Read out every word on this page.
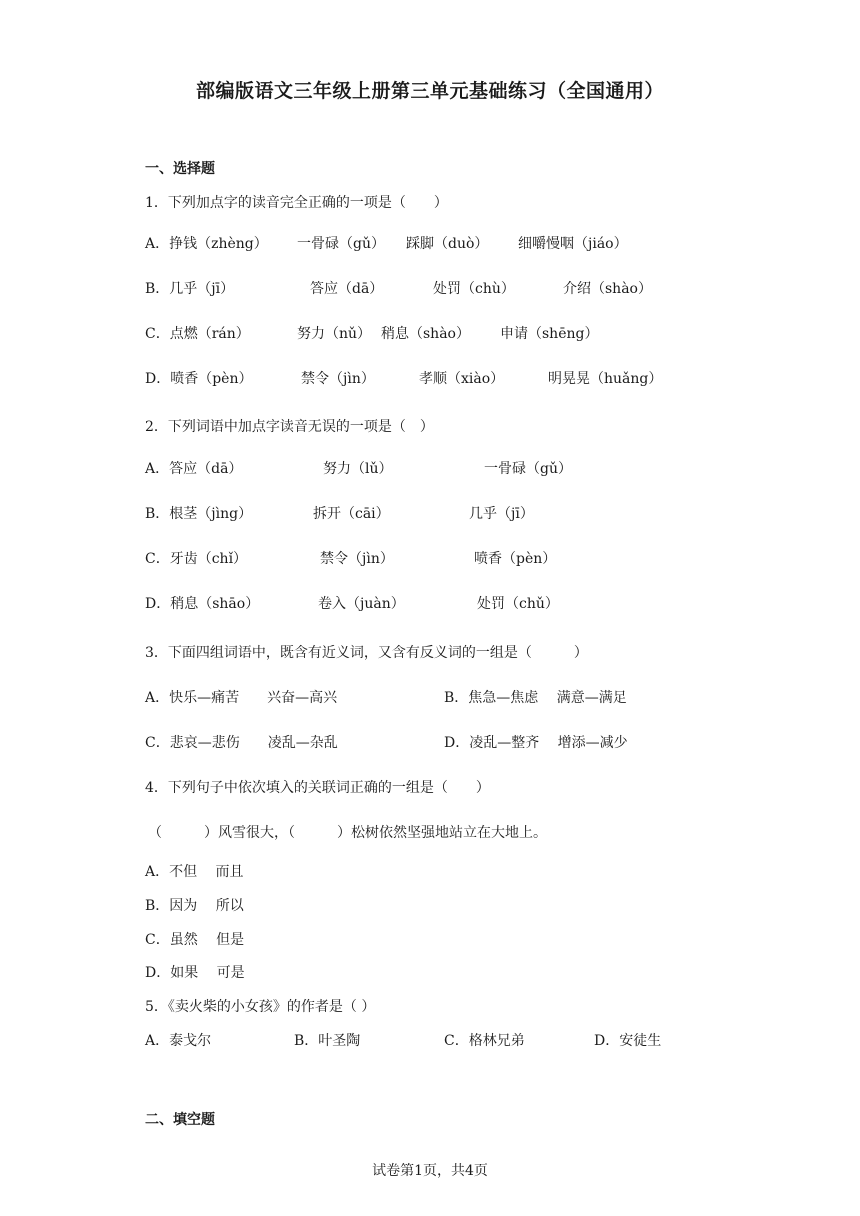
部编版语文三年级上册第三单元基础练习（全国通用）
一、选择题
1．下列加点字的读音完全正确的一项是（　　）
A．挣钱（zhèng） 一骨碌（gǔ） 踩脚（duò） 细嚼慢咽（jiáo）
B．几乎（jī）	答应（dā）	处罚（chù）	介绍（shào）
C．点燃（rán）	努力（nǔ） 稍息（shào） 申请（shēng）
D．喷香（pèn）	禁令（jìn）	孝顺（xiào）	明晃晃（huǎng）
2．下列词语中加点字读音无误的一项是（　）
A．答应（dā）	努力（lǔ）	一骨碌（gǔ）
B．根茎（jìng）	拆开（cāi）	几乎（jī）
C．牙齿（chǐ）	禁令（jìn）	喷香（pèn）
D．稍息（shāo）	卷入（juàn）	处罚（chǔ）
3．下面四组词语中，既含有近义词，又含有反义词的一组是（　　　）
A．快乐—痛苦　　兴奋—高兴	B．焦急—焦虑　 满意—满足
C．悲哀—悲伤　　凌乱—杂乱	D．凌乱—整齐　 增添—减少
4．下列句子中依次填入的关联词正确的一组是（　　）
（　　　）风雪很大，（　　　）松树依然坚强地站立在大地上。
A．不但　 而且
B．因为　 所以
C．虽然　 但是
D．如果　 可是
5．《卖火柴的小女孩》的作者是（ ）
A．泰戈尔	B．叶圣陶	C．格林兄弟	D．安徒生
二、填空题
试卷第1页，共4页
